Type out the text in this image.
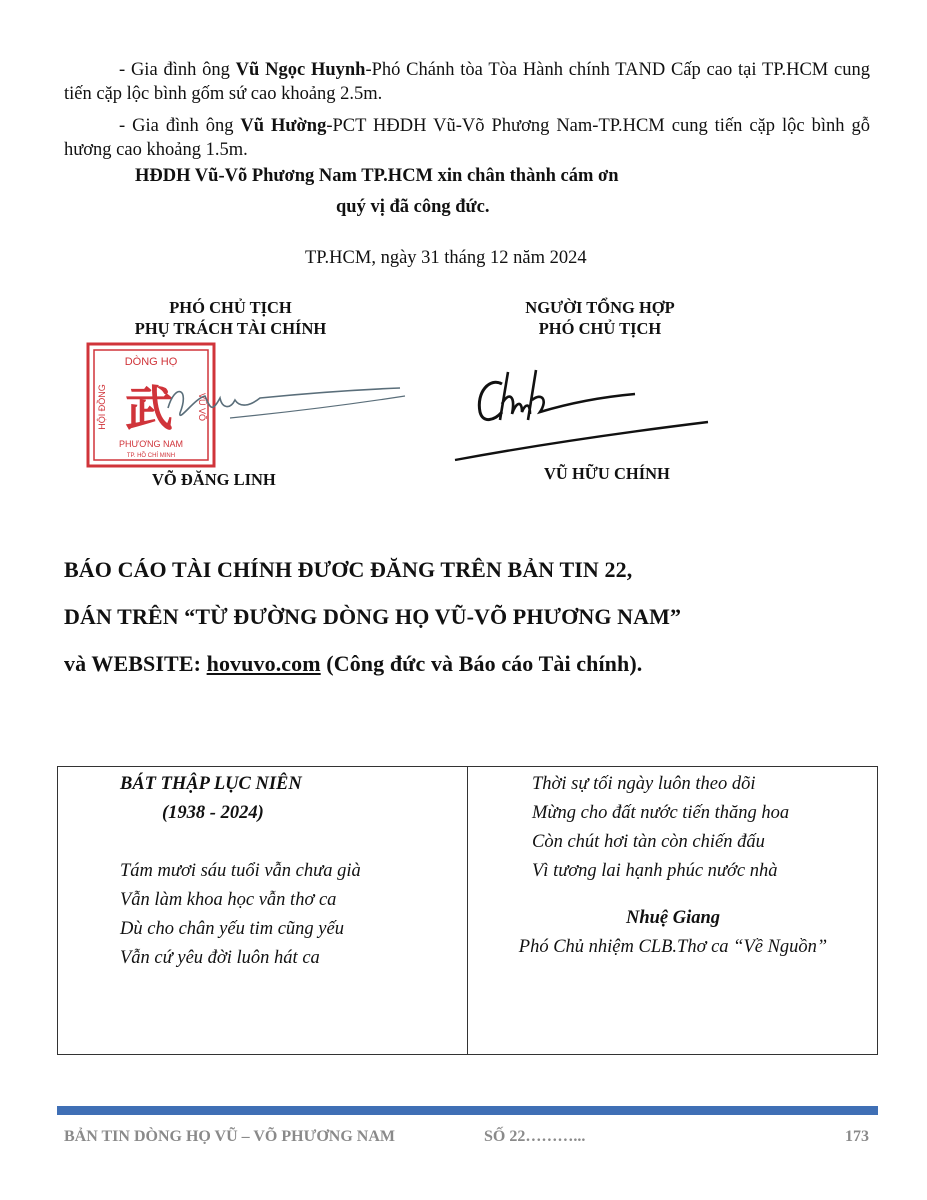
- Gia đình ông Vũ Ngọc Huynh-Phó Chánh tòa Tòa Hành chính TAND Cấp cao tại TP.HCM cung tiến cặp lộc bình gốm sứ cao khoảng 2.5m.
- Gia đình ông Vũ Hường-PCT HĐDH Vũ-Võ Phương Nam-TP.HCM cung tiến cặp lộc bình gỗ hương cao khoảng 1.5m.
HĐDH Vũ-Võ Phương Nam TP.HCM xin chân thành cám ơn
quý vị đã công đức.
TP.HCM, ngày 31 tháng 12 năm 2024
PHÓ CHỦ TỊCH
PHỤ TRÁCH TÀI CHÍNH
DÒNG HỌ
HỘI ĐỒNG	VŨ VÕ
武
PHƯƠNG NAM
TP. HỒ CHÍ MINH
VÕ ĐĂNG LINH
NGƯỜI TỔNG HỢP
PHÓ CHỦ TỊCH
VŨ HỮU CHÍNH
BÁO CÁO TÀI CHÍNH ĐƯƠC ĐĂNG TRÊN BẢN TIN 22,
DÁN TRÊN “TỪ ĐƯỜNG DÒNG HỌ VŨ-VÕ PHƯƠNG NAM”
và WEBSITE: hovuvo.com (Công đức và Báo cáo Tài chính).
BÁT THẬP LỤC NIÊN
(1938 - 2024)
Tám mươi sáu tuổi vẫn chưa già
Vẫn làm khoa học vẫn thơ ca
Dù cho chân yếu tim cũng yếu
Vẫn cứ yêu đời luôn hát ca
Thời sự tối ngày luôn theo dõi
Mừng cho đất nước tiến thăng hoa
Còn chút hơi tàn còn chiến đấu
Vì tương lai hạnh phúc nước nhà
Nhuệ Giang
Phó Chủ nhiệm CLB.Thơ ca “Về Nguồn”
BẢN TIN DÒNG HỌ VŨ – VÕ PHƯƠNG NAM	SỐ 22………...	173
